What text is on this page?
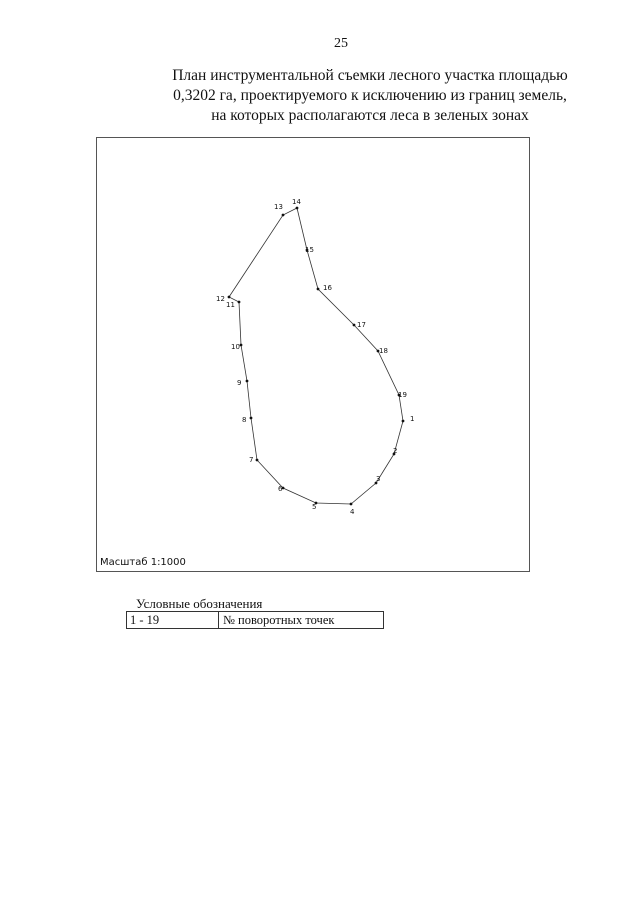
25
План инструментальной съемки лесного участка площадью
0,3202 га, проектируемого к исключению из границ земель,
на которых располагаются леса в зеленых зонах
1
2
3
4
5
6
7
8
9
10
11
12
13
14
15
16
17
18
19
Масштаб 1:1000
Условные обозначения
1 - 19	№ поворотных точек
